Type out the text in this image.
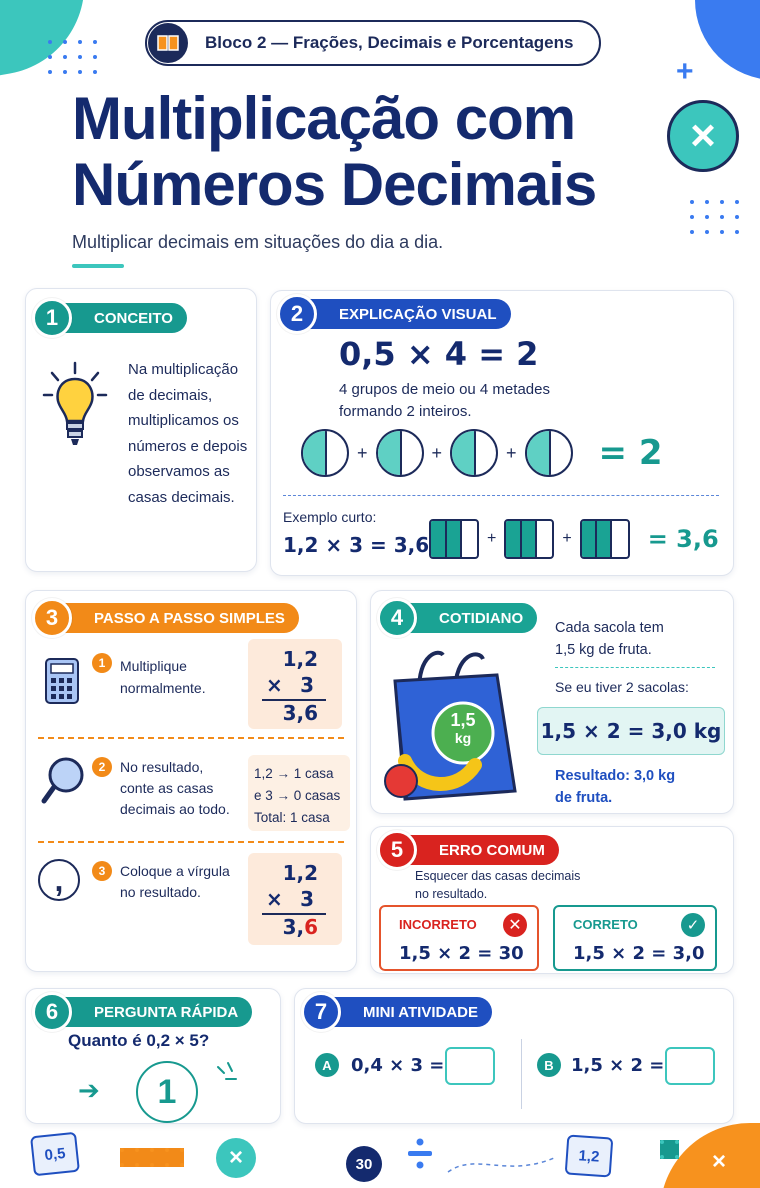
+
×
Bloco 2 — Frações, Decimais e Porcentagens
Multiplicação com
Números Decimais
Multiplicar decimais em situações do dia a dia.
×
CONCEITO
1
Na multiplicação
de decimais,
multiplicamos os
números e depois
observamos as
casas decimais.
EXPLICAÇÃO VISUAL
2
0,5 × 4 = 2
4 grupos de meio ou 4 metades
formando 2 inteiros.
+	+	+ = 2
Exemplo curto:
1,2 × 3 = 3,6	+	+	= 3,6
PASSO A PASSO SIMPLES
3
1	Multiplique
normalmente.
1,2
× 3
3,6
2	No resultado,
conte as casas
decimais ao todo.
1,2 → 1 casa
e 3 → 0 casas
Total: 1 casa
,	3	Coloque a vírgula
no resultado.
1,2
× 3
3,6
COTIDIANO
4
1,5
kg
Cada sacola tem
1,5 kg de fruta.
Se eu tiver 2 sacolas:
1,5 × 2 = 3,0 kg
Resultado: 3,0 kg
de fruta.
ERRO COMUM
5
Esquecer das casas decimais
no resultado.
INCORRETO	✕
1,5 × 2 = 30
CORRETO	✓
1,5 × 2 = 3,0
PERGUNTA RÁPIDA
6
Quanto é 0,2 × 5?
➔	1
MINI ATIVIDADE
7
A	0,4 × 3 =	B 1,5 × 2 =
0,5	×	30	1,2
